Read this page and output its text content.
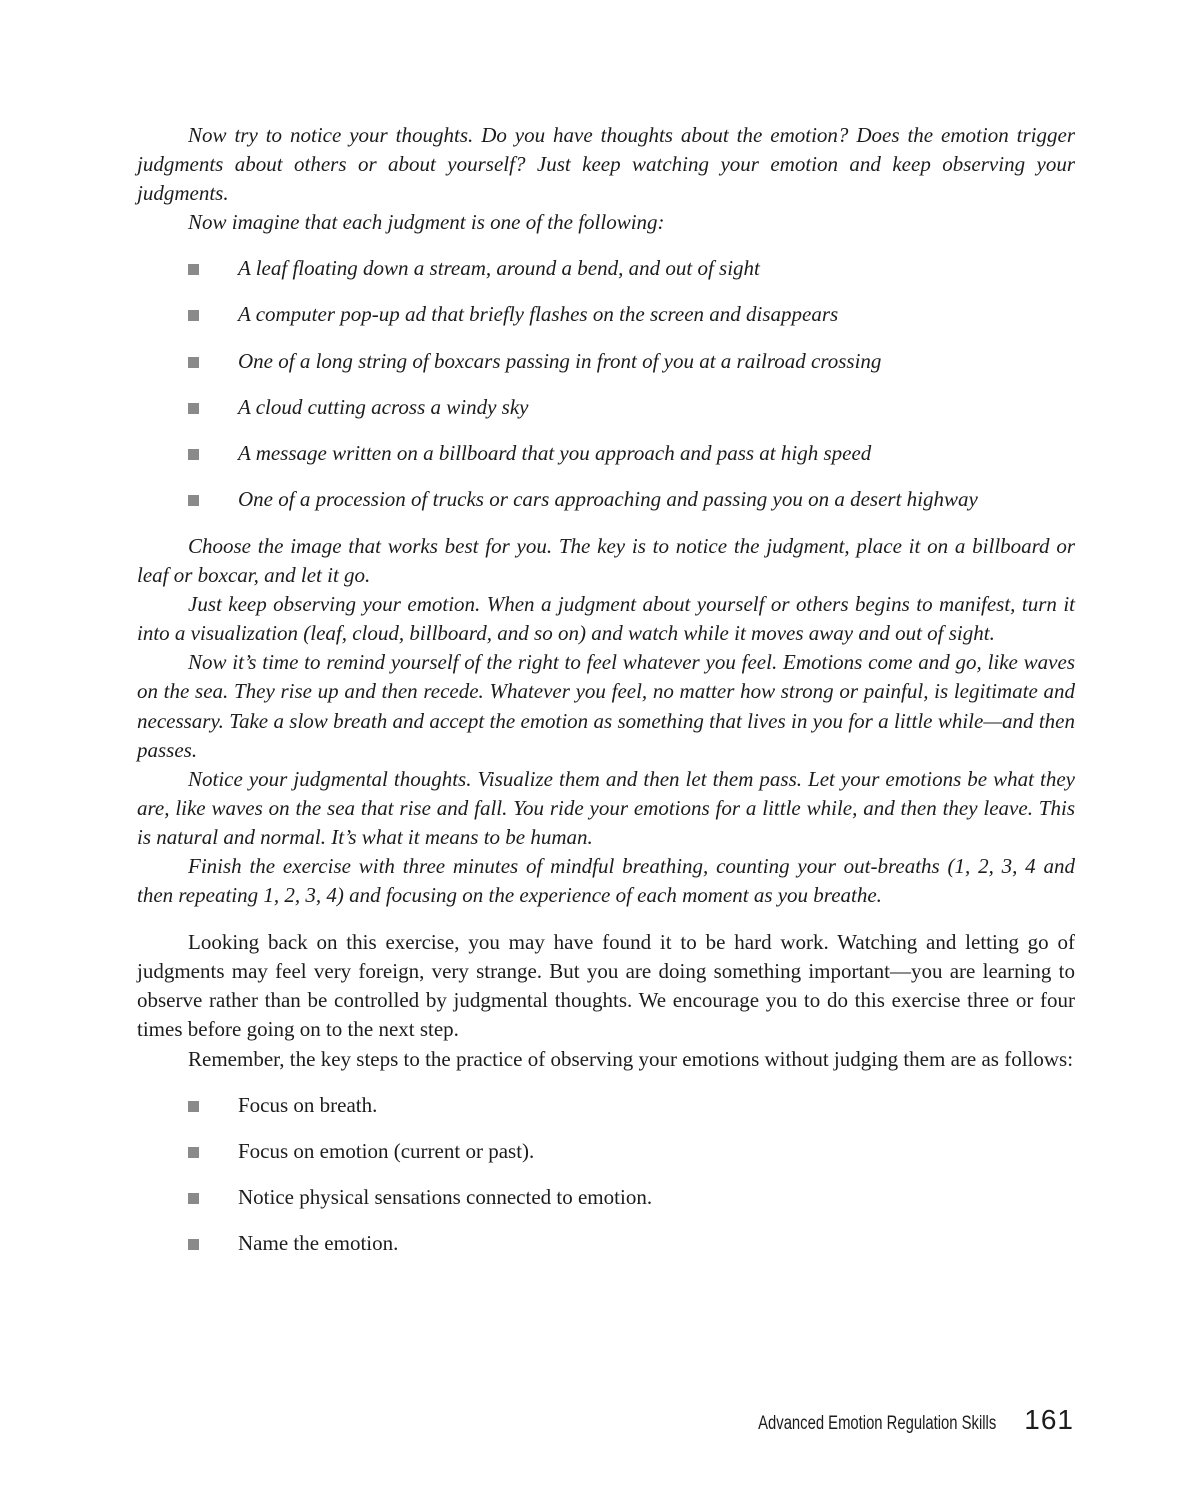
Now try to notice your thoughts. Do you have thoughts about the emotion? Does the emotion trigger judgments about others or about yourself? Just keep watching your emotion and keep observing your judgments.

Now imagine that each judgment is one of the following:

A leaf floating down a stream, around a bend, and out of sight
A computer pop-up ad that briefly flashes on the screen and disappears
One of a long string of boxcars passing in front of you at a railroad crossing
A cloud cutting across a windy sky
A message written on a billboard that you approach and pass at high speed
One of a procession of trucks or cars approaching and passing you on a desert highway

Choose the image that works best for you. The key is to notice the judgment, place it on a billboard or leaf or boxcar, and let it go.

Just keep observing your emotion. When a judgment about yourself or others begins to manifest, turn it into a visualization (leaf, cloud, billboard, and so on) and watch while it moves away and out of sight.

Now it’s time to remind yourself of the right to feel whatever you feel. Emotions come and go, like waves on the sea. They rise up and then recede. Whatever you feel, no matter how strong or painful, is legitimate and necessary. Take a slow breath and accept the emotion as something that lives in you for a little while—and then passes.

Notice your judgmental thoughts. Visualize them and then let them pass. Let your emotions be what they are, like waves on the sea that rise and fall. You ride your emotions for a little while, and then they leave. This is natural and normal. It’s what it means to be human.

Finish the exercise with three minutes of mindful breathing, counting your out-breaths (1, 2, 3, 4 and then repeating 1, 2, 3, 4) and focusing on the experience of each moment as you breathe.

Looking back on this exercise, you may have found it to be hard work. Watching and letting go of judgments may feel very foreign, very strange. But you are doing something important—you are learning to observe rather than be controlled by judgmental thoughts. We encourage you to do this exercise three or four times before going on to the next step.

Remember, the key steps to the practice of observing your emotions without judging them are as follows:

Focus on breath.
Focus on emotion (current or past).
Notice physical sensations connected to emotion.
Name the emotion.
Advanced Emotion Regulation Skills 161
